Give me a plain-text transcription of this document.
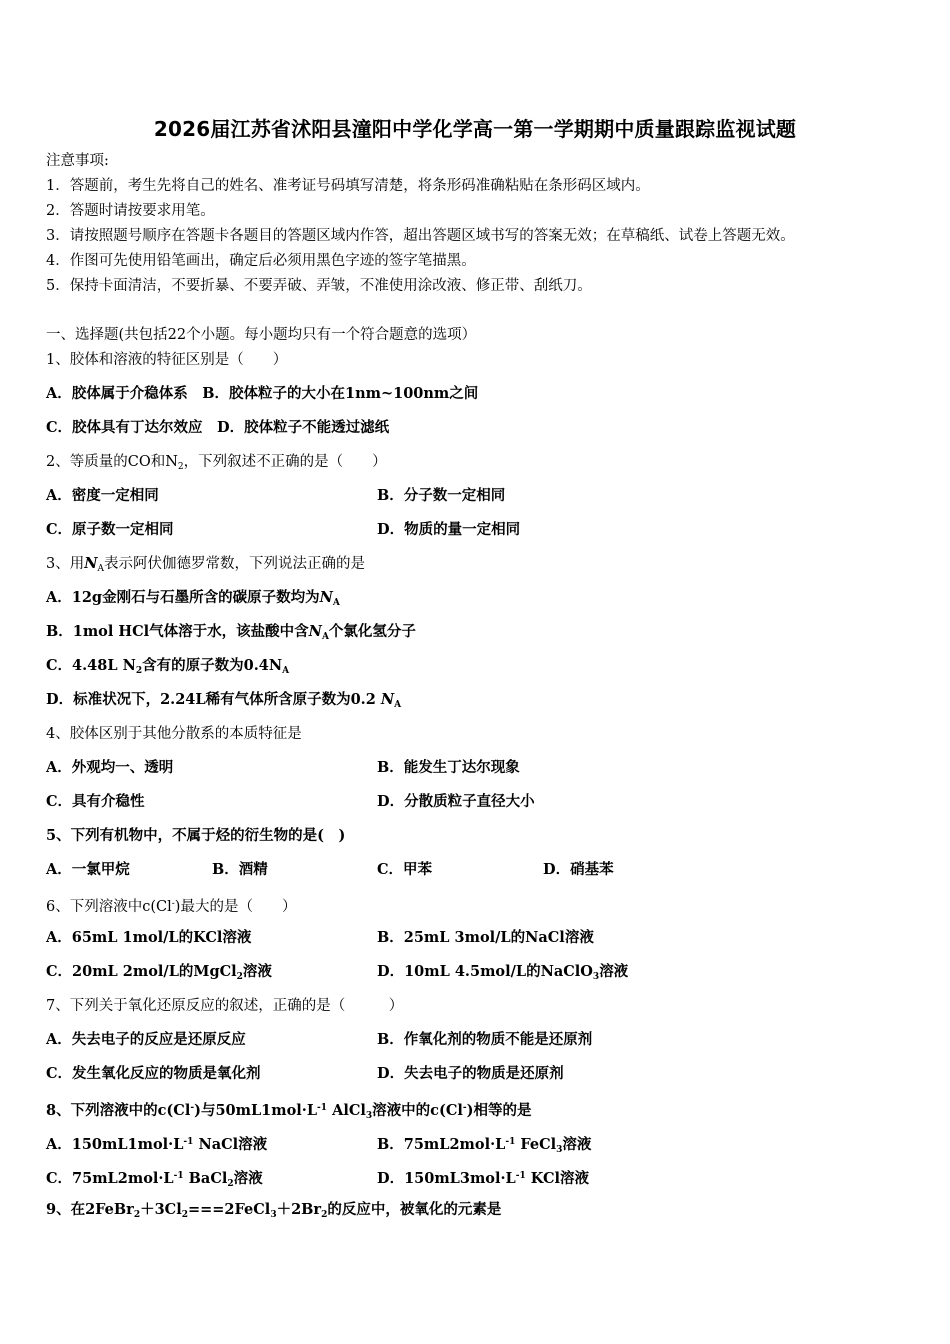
2026届江苏省沭阳县潼阳中学化学高一第一学期期中质量跟踪监视试题
注意事项:
1．答题前，考生先将自己的姓名、准考证号码填写清楚，将条形码准确粘贴在条形码区域内。
2．答题时请按要求用笔。
3．请按照题号顺序在答题卡各题目的答题区域内作答，超出答题区域书写的答案无效；在草稿纸、试卷上答题无效。
4．作图可先使用铅笔画出，确定后必须用黑色字迹的签字笔描黑。
5．保持卡面清洁，不要折暴、不要弄破、弄皱，不准使用涂改液、修正带、刮纸刀。
一、选择题(共包括22个小题。每小题均只有一个符合题意的选项）
1、胶体和溶液的特征区别是（　　）
A．胶体属于介稳体系　B．胶体粒子的大小在1nm~100nm之间
C．胶体具有丁达尔效应　D．胶体粒子不能透过滤纸
2、等质量的CO和$N_2$，下列叙述不正确的是（　　）
A．密度一定相同	B．分子数一定相同
C．原子数一定相同	D．物质的量一定相同
3、用$N_A$表示阿伏伽德罗常数，下列说法正确的是
A．12g金刚石与石墨所含的碳原子数均为$N_A$
B．1mol HCl气体溶于水，该盐酸中含$N_A$个氯化氢分子
C．4.48L $N_2$含有的原子数为$0.4N_A$
D．标准状况下，2.24L稀有气体所含原子数为0.2 $N_A$
4、胶体区别于其他分散系的本质特征是
A．外观均一、透明	B．能发生丁达尔现象
C．具有介稳性	D．分散质粒子直径大小
5、下列有机物中，不属于烃的衍生物的是(　)
A．一氯甲烷	B．酒精	C．甲苯	D．硝基苯
6、下列溶液中c(Cl-)最大的是（　　）
A．65mL 1mol/L的KCl溶液	B．25mL 3mol/L的NaCl溶液
C．20mL 2mol/L的MgCl$_2$溶液	D．10mL 4.5mol/L的NaClO$_3$溶液
7、下列关于氧化还原反应的叙述，正确的是（　　　）
A．失去电子的反应是还原反应	B．作氧化剂的物质不能是还原剂
C．发生氧化反应的物质是氧化剂	D．失去电子的物质是还原剂
8、下列溶液中的c(Cl-)与$50mL1mol\cdot L^{-1}$ AlCl$_3$溶液中的c(Cl-)相等的是
A．$150mL1mol\cdot L^{-1}$ NaCl溶液	B．$75mL2mol\cdot L^{-1}$ FeCl$_3$溶液
C．$75mL2mol\cdot L^{-1}$ BaCl$_2$溶液	D．$150mL3mol\cdot L^{-1}$ KCl溶液
9、在$2FeBr_2+3Cl_2===2FeCl_3+2Br_2$的反应中，被氧化的元素是
